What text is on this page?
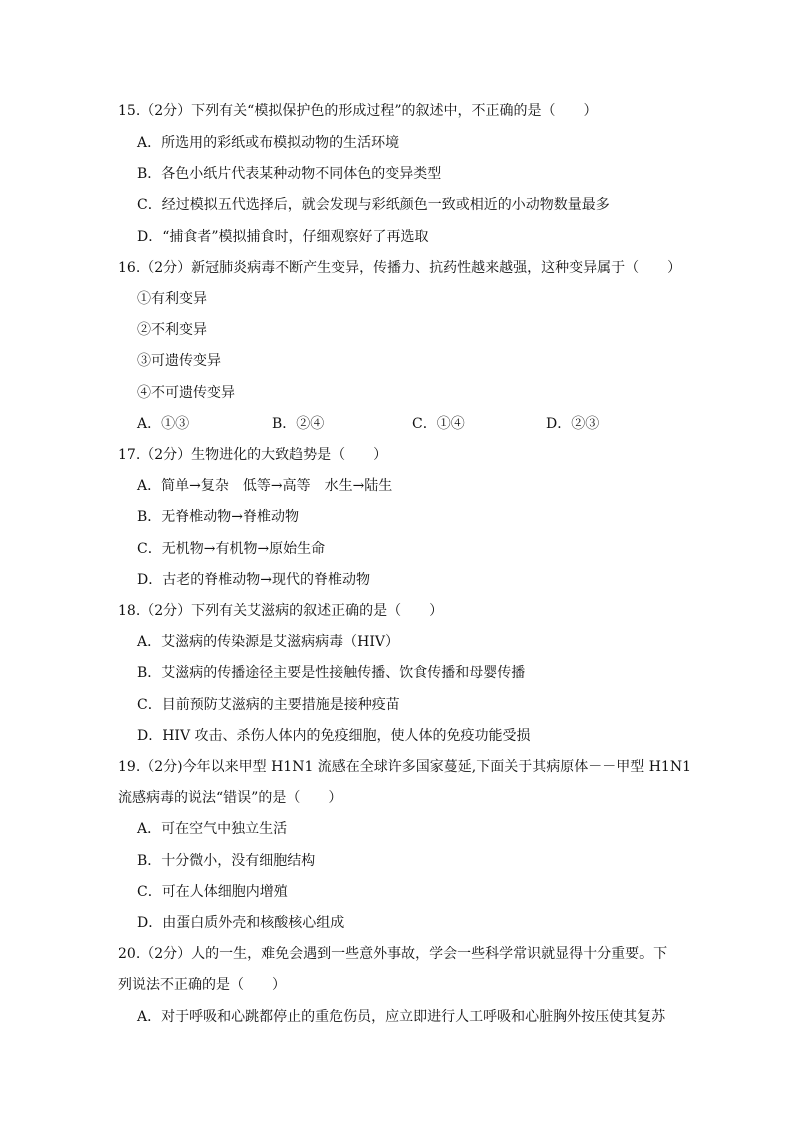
15.（2分）下列有关“模拟保护色的形成过程”的叙述中，不正确的是（　　）
A．所选用的彩纸或布模拟动物的生活环境
B．各色小纸片代表某种动物不同体色的变异类型
C．经过模拟五代选择后，就会发现与彩纸颜色一致或相近的小动物数量最多
D．“捕食者”模拟捕食时，仔细观察好了再选取
16.（2分）新冠肺炎病毒不断产生变异，传播力、抗药性越来越强，这种变异属于（　　）
①有利变异
②不利变异
③可遗传变异
④不可遗传变异
A．①③	B．②④	C．①④	D．②③
17.（2分）生物进化的大致趋势是（　　）
A．简单→复杂　低等→高等　水生→陆生
B．无脊椎动物→脊椎动物
C．无机物→有机物→原始生命
D．古老的脊椎动物→现代的脊椎动物
18.（2分）下列有关艾滋病的叙述正确的是（　　）
A．艾滋病的传染源是艾滋病病毒（HIV）
B．艾滋病的传播途径主要是性接触传播、饮食传播和母婴传播
C．目前预防艾滋病的主要措施是接种疫苗
D．HIV 攻击、杀伤人体内的免疫细胞，使人体的免疫功能受损
19.（2分)今年以来甲型 H1N1 流感在全球许多国家蔓延,下面关于其病原体－－甲型 H1N1
流感病毒的说法“错误”的是（　　）
A．可在空气中独立生活
B．十分微小，没有细胞结构
C．可在人体细胞内增殖
D．由蛋白质外壳和核酸核心组成
20.（2分）人的一生，难免会遇到一些意外事故，学会一些科学常识就显得十分重要。下
列说法不正确的是（　　）
A．对于呼吸和心跳都停止的重危伤员，应立即进行人工呼吸和心脏胸外按压使其复苏
